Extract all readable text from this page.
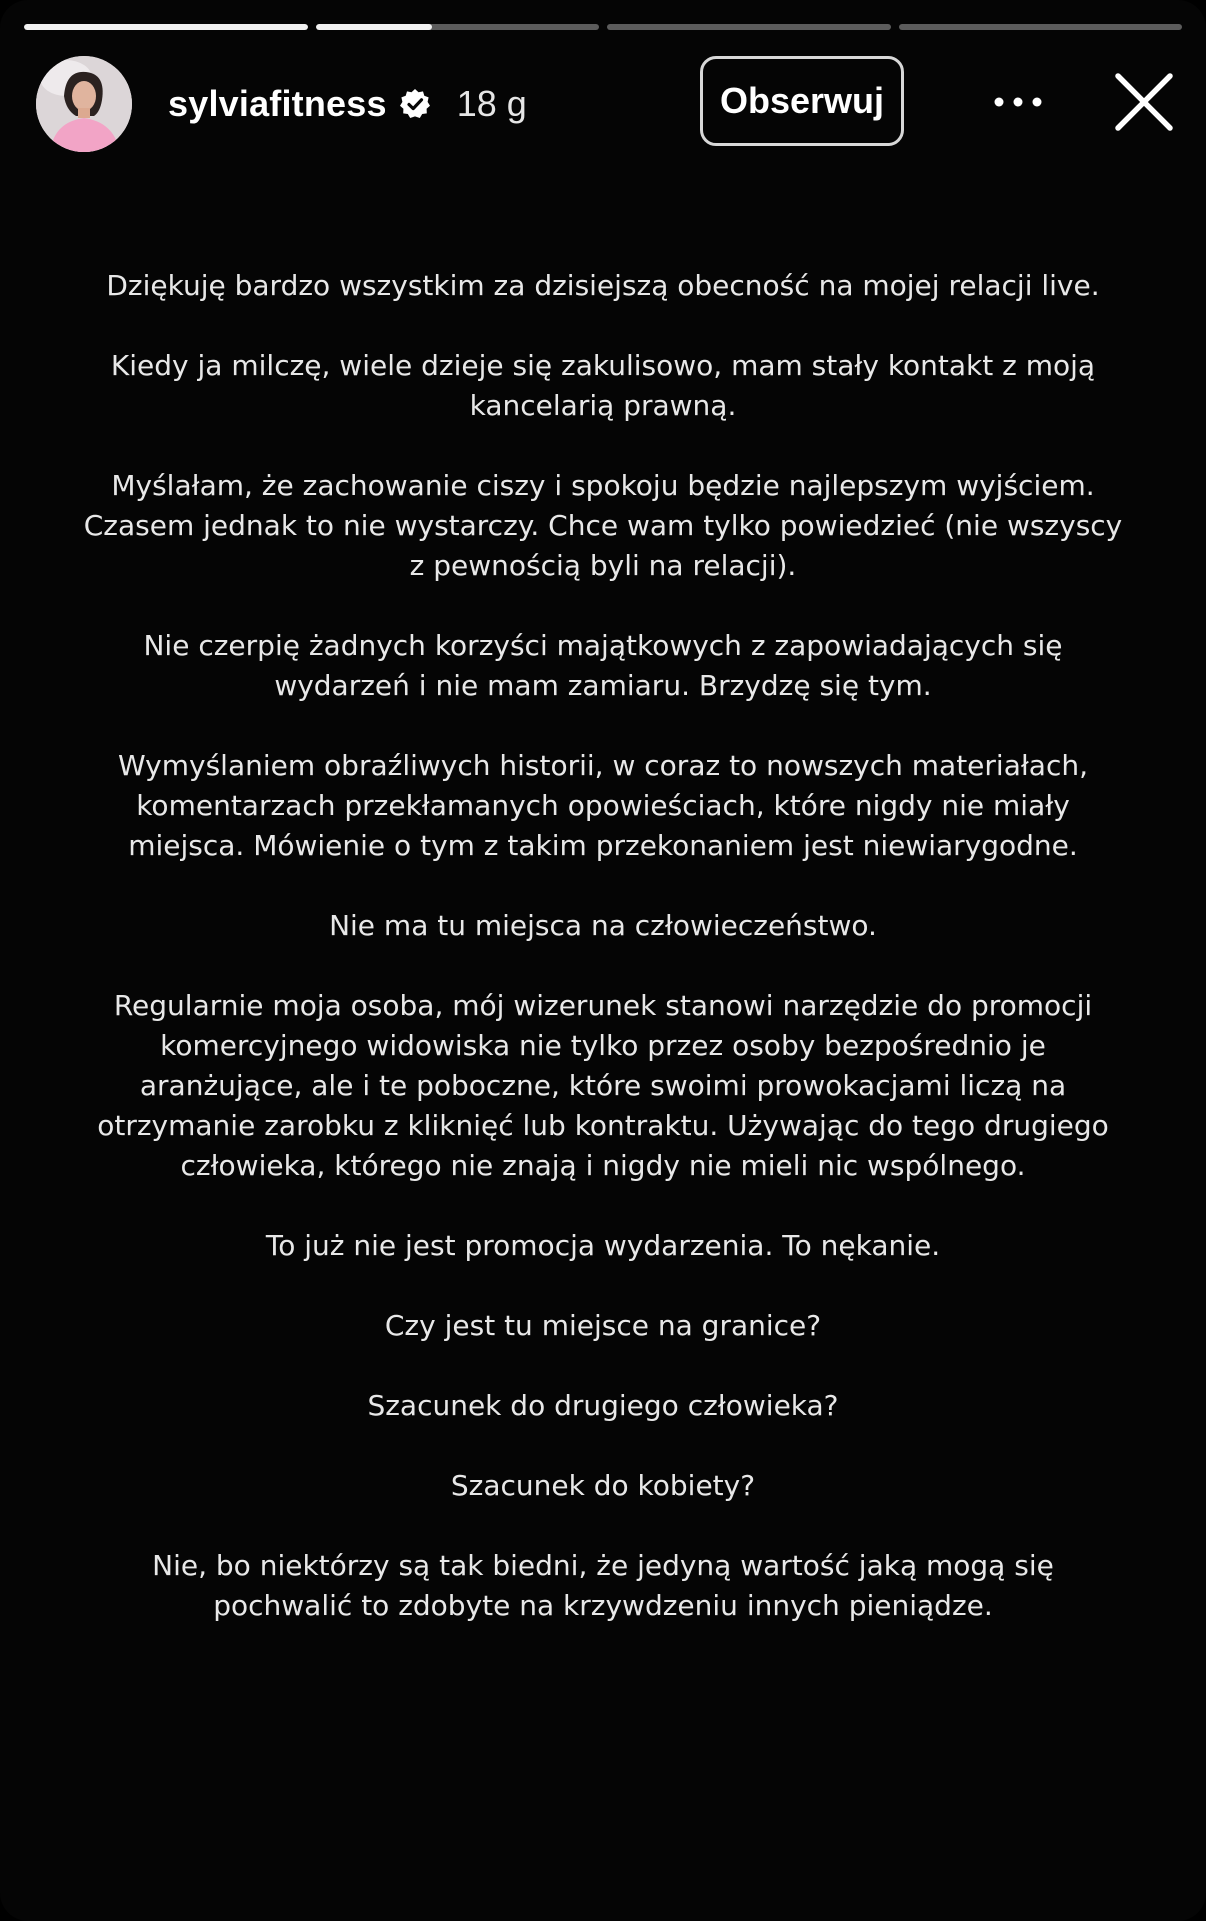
sylviafitness 18 g	Obserwuj

Dziękuję bardzo wszystkim za dzisiejszą obecność na mojej relacji live.

Kiedy ja milczę, wiele dzieje się zakulisowo, mam stały kontakt z moją
kancelarią prawną.

Myślałam, że zachowanie ciszy i spokoju będzie najlepszym wyjściem.
Czasem jednak to nie wystarczy. Chce wam tylko powiedzieć (nie wszyscy
z pewnością byli na relacji).

Nie czerpię żadnych korzyści majątkowych z zapowiadających się
wydarzeń i nie mam zamiaru. Brzydzę się tym.

Wymyślaniem obraźliwych historii, w coraz to nowszych materiałach,
komentarzach przekłamanych opowieściach, które nigdy nie miały
miejsca. Mówienie o tym z takim przekonaniem jest niewiarygodne.

Nie ma tu miejsca na człowieczeństwo.

Regularnie moja osoba, mój wizerunek stanowi narzędzie do promocji
komercyjnego widowiska nie tylko przez osoby bezpośrednio je
aranżujące, ale i te poboczne, które swoimi prowokacjami liczą na
otrzymanie zarobku z kliknięć lub kontraktu. Używając do tego drugiego
człowieka, którego nie znają i nigdy nie mieli nic wspólnego.

To już nie jest promocja wydarzenia. To nękanie.

Czy jest tu miejsce na granice?

Szacunek do drugiego człowieka?

Szacunek do kobiety?

Nie, bo niektórzy są tak biedni, że jedyną wartość jaką mogą się
pochwalić to zdobyte na krzywdzeniu innych pieniądze.
